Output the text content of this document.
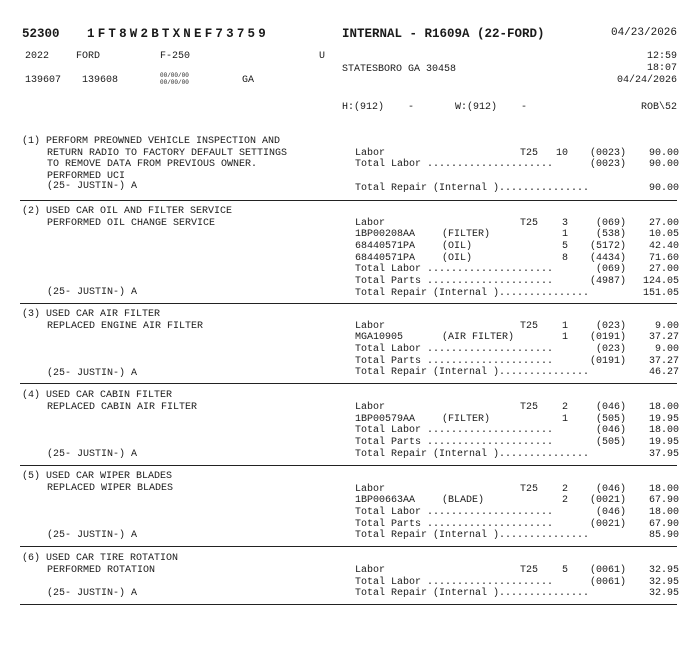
52300 1FT8W2BTXNEF73759	INTERNAL - R1609A (22-FORD)	04/23/2026
2022	FORD	F-250	U	12:59
STATESBORO GA 30458	18:07
139607 139608	00/00/00
00/00/00	GA	04/24/2026
H:(912)    -	W:(912)    -	ROB\52
(1) PERFORM PREOWNED VEHICLE INSPECTION AND
RETURN RADIO TO FACTORY DEFAULT SETTINGS
TO REMOVE DATA FROM PREVIOUS OWNER.
PERFORMED UCI
(25- JUSTIN-) A
Labor	T25	10	(0023) 90.00
Total Labor .....................	(0023) 90.00
Total Repair (Internal )...............	90.00
(2) USED CAR OIL AND FILTER SERVICE
PERFORMED OIL CHANGE SERVICE
(25- JUSTIN-) A
Labor	T25	3	(069) 27.00
1BP00208AA	(FILTER)	1	(538) 10.05
68440571PA	(OIL)	5	(5172) 42.40
68440571PA	(OIL)	8	(4434) 71.60
Total Labor .....................	(069) 27.00
Total Parts .....................	(4987) 124.05
Total Repair (Internal )...............	151.05
(3) USED CAR AIR FILTER
REPLACED ENGINE AIR FILTER
(25- JUSTIN-) A
Labor	T25	1	(023)	9.00
MGA10905	(AIR FILTER)	1	(0191) 37.27
Total Labor .....................	(023)	9.00
Total Parts .....................	(0191) 37.27
Total Repair (Internal )...............	46.27
(4) USED CAR CABIN FILTER
REPLACED CABIN AIR FILTER
(25- JUSTIN-) A
Labor	T25	2	(046) 18.00
1BP00579AA	(FILTER)	1	(505) 19.95
Total Labor .....................	(046) 18.00
Total Parts .....................	(505) 19.95
Total Repair (Internal )...............	37.95
(5) USED CAR WIPER BLADES
REPLACED WIPER BLADES
(25- JUSTIN-) A
Labor	T25	2	(046) 18.00
1BP00663AA	(BLADE)	2	(0021) 67.90
Total Labor .....................	(046) 18.00
Total Parts .....................	(0021) 67.90
Total Repair (Internal )...............	85.90
(6) USED CAR TIRE ROTATION
PERFORMED ROTATION
(25- JUSTIN-) A
Labor	T25	5	(0061) 32.95
Total Labor .....................	(0061) 32.95
Total Repair (Internal )...............	32.95
